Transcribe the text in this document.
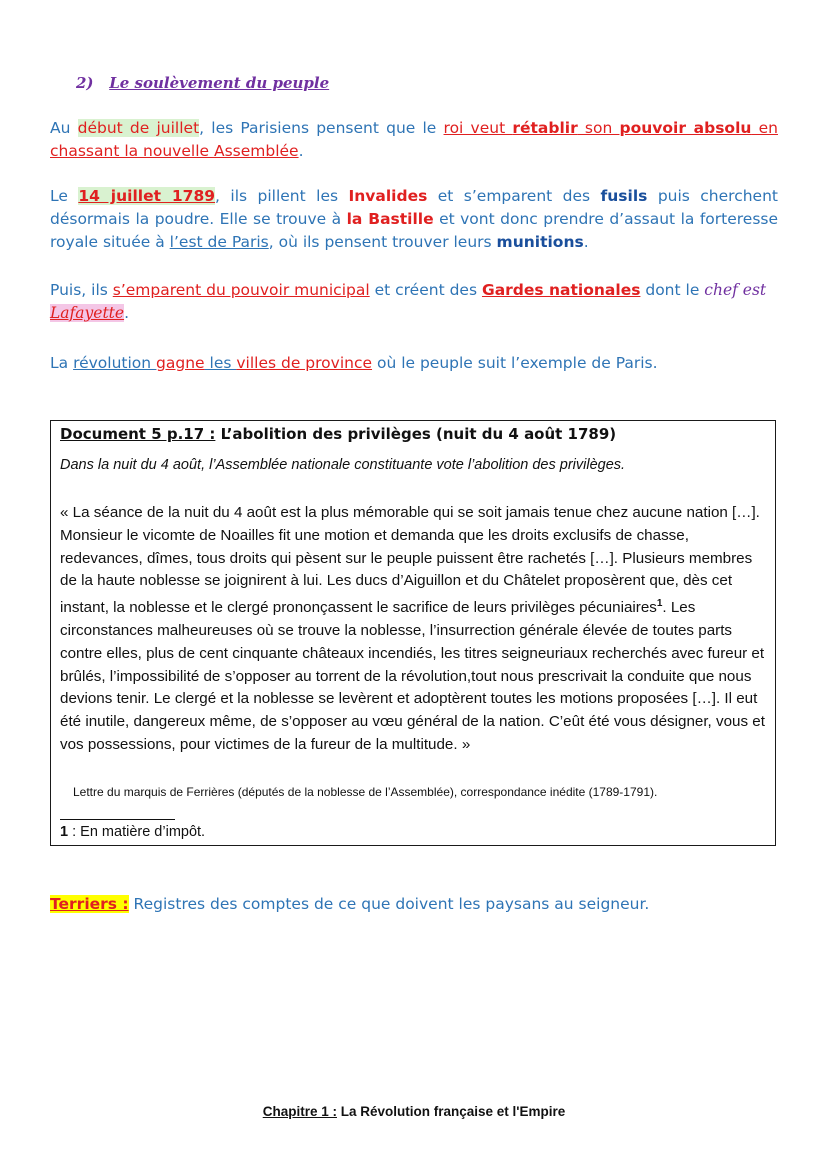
2) Le soulèvement du peuple
Au début de juillet, les Parisiens pensent que le roi veut rétablir son pouvoir absolu en chassant la nouvelle Assemblée.
Le 14 juillet 1789, ils pillent les Invalides et s’emparent des fusils puis cherchent désormais la poudre. Elle se trouve à la Bastille et vont donc prendre d’assaut la forteresse royale située à l’est de Paris, où ils pensent trouver leurs munitions.
Puis, ils s’emparent du pouvoir municipal et créent des Gardes nationales dont le chef est
Lafayette.
La révolution gagne les villes de province où le peuple suit l’exemple de Paris.
Document 5 p.17 : L’abolition des privilèges (nuit du 4 août 1789)
Dans la nuit du 4 août, l’Assemblée nationale constituante vote l’abolition des privilèges.
« La séance de la nuit du 4 août est la plus mémorable qui se soit jamais tenue chez aucune nation […]. Monsieur le vicomte de Noailles fit une motion et demanda que les droits exclusifs de chasse, redevances, dîmes, tous droits qui pèsent sur le peuple puissent être rachetés […]. Plusieurs membres de la haute noblesse se joignirent à lui. Les ducs d’Aiguillon et du Châtelet proposèrent que, dès cet instant, la noblesse et le clergé prononçassent le sacrifice de leurs privilèges pécuniaires$^1$. Les circonstances malheureuses où se trouve la noblesse, l’insurrection générale élevée de toutes parts contre elles, plus de cent cinquante châteaux incendiés, les titres seigneuriaux recherchés avec fureur et brûlés, l’impossibilité de s’opposer au torrent de la révolution,tout nous prescrivait la conduite que nous devions tenir. Le clergé et la noblesse se levèrent et adoptèrent toutes les motions proposées […]. Il eut été inutile, dangereux même, de s’opposer au vœu général de la nation. C’eût été vous désigner, vous et vos possessions, pour victimes de la fureur de la multitude. »
Lettre du marquis de Ferrières (députés de la noblesse de l’Assemblée), correspondance inédite (1789-1791).
1 : En matière d’impôt.
Terriers : Registres des comptes de ce que doivent les paysans au seigneur.
Chapitre 1 : La Révolution française et l'Empire
